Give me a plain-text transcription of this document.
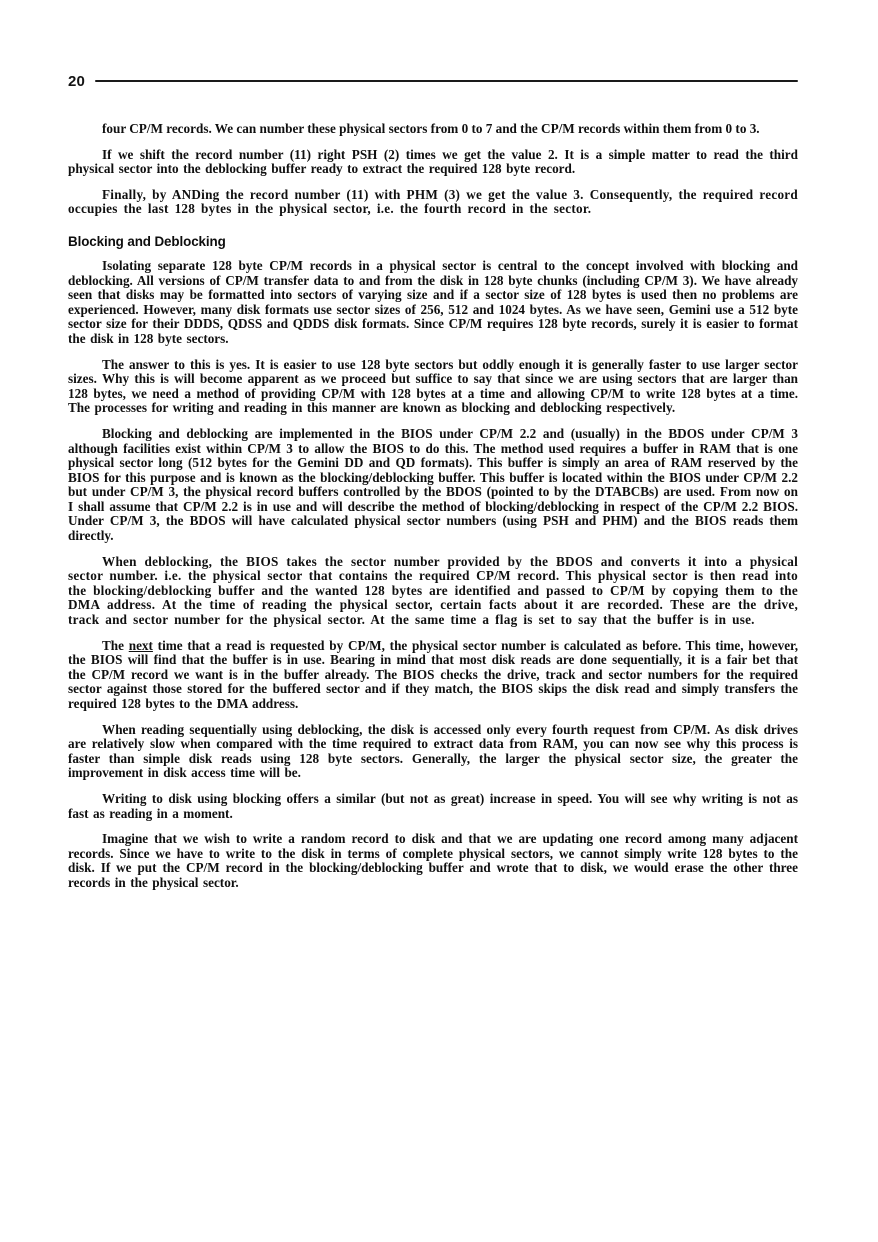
20

four CP/M records. We can number these physical sectors from 0 to 7 and the CP/M records within them from 0 to 3.

If we shift the record number (11) right PSH (2) times we get the value 2. It is a simple matter to read the third physical sector into the deblocking buffer ready to extract the required 128 byte record.

Finally, by ANDing the record number (11) with PHM (3) we get the value 3. Consequently, the required record occupies the last 128 bytes in the physical sector, i.e. the fourth record in the sector.

Blocking and Deblocking

Isolating separate 128 byte CP/M records in a physical sector is central to the concept involved with blocking and deblocking. All versions of CP/M transfer data to and from the disk in 128 byte chunks (including CP/M 3). We have already seen that disks may be formatted into sectors of varying size and if a sector size of 128 bytes is used then no problems are experienced. However, many disk formats use sector sizes of 256, 512 and 1024 bytes. As we have seen, Gemini use a 512 byte sector size for their DDDS, QDSS and QDDS disk formats. Since CP/M requires 128 byte records, surely it is easier to format the disk in 128 byte sectors.

The answer to this is yes. It is easier to use 128 byte sectors but oddly enough it is generally faster to use larger sector sizes. Why this is will become apparent as we proceed but suffice to say that since we are using sectors that are larger than 128 bytes, we need a method of providing CP/M with 128 bytes at a time and allowing CP/M to write 128 bytes at a time. The processes for writing and reading in this manner are known as blocking and deblocking respectively.

Blocking and deblocking are implemented in the BIOS under CP/M 2.2 and (usually) in the BDOS under CP/M 3 although facilities exist within CP/M 3 to allow the BIOS to do this. The method used requires a buffer in RAM that is one physical sector long (512 bytes for the Gemini DD and QD formats). This buffer is simply an area of RAM reserved by the BIOS for this purpose and is known as the blocking/deblocking buffer. This buffer is located within the BIOS under CP/M 2.2 but under CP/M 3, the physical record buffers controlled by the BDOS (pointed to by the DTABCBs) are used. From now on I shall assume that CP/M 2.2 is in use and will describe the method of blocking/deblocking in respect of the CP/M 2.2 BIOS. Under CP/M 3, the BDOS will have calculated physical sector numbers (using PSH and PHM) and the BIOS reads them directly.

When deblocking, the BIOS takes the sector number provided by the BDOS and converts it into a physical sector number. i.e. the physical sector that contains the required CP/M record. This physical sector is then read into the blocking/deblocking buffer and the wanted 128 bytes are identified and passed to CP/M by copying them to the DMA address. At the time of reading the physical sector, certain facts about it are recorded. These are the drive, track and sector number for the physical sector. At the same time a flag is set to say that the buffer is in use.

The next time that a read is requested by CP/M, the physical sector number is calculated as before. This time, however, the BIOS will find that the buffer is in use. Bearing in mind that most disk reads are done sequentially, it is a fair bet that the CP/M record we want is in the buffer already. The BIOS checks the drive, track and sector numbers for the required sector against those stored for the buffered sector and if they match, the BIOS skips the disk read and simply transfers the required 128 bytes to the DMA address.

When reading sequentially using deblocking, the disk is accessed only every fourth request from CP/M. As disk drives are relatively slow when compared with the time required to extract data from RAM, you can now see why this process is faster than simple disk reads using 128 byte sectors. Generally, the larger the physical sector size, the greater the improvement in disk access time will be.

Writing to disk using blocking offers a similar (but not as great) increase in speed. You will see why writing is not as fast as reading in a moment.

Imagine that we wish to write a random record to disk and that we are updating one record among many adjacent records. Since we have to write to the disk in terms of complete physical sectors, we cannot simply write 128 bytes to the disk. If we put the CP/M record in the blocking/deblocking buffer and wrote that to disk, we would erase the other three records in the physical sector.
